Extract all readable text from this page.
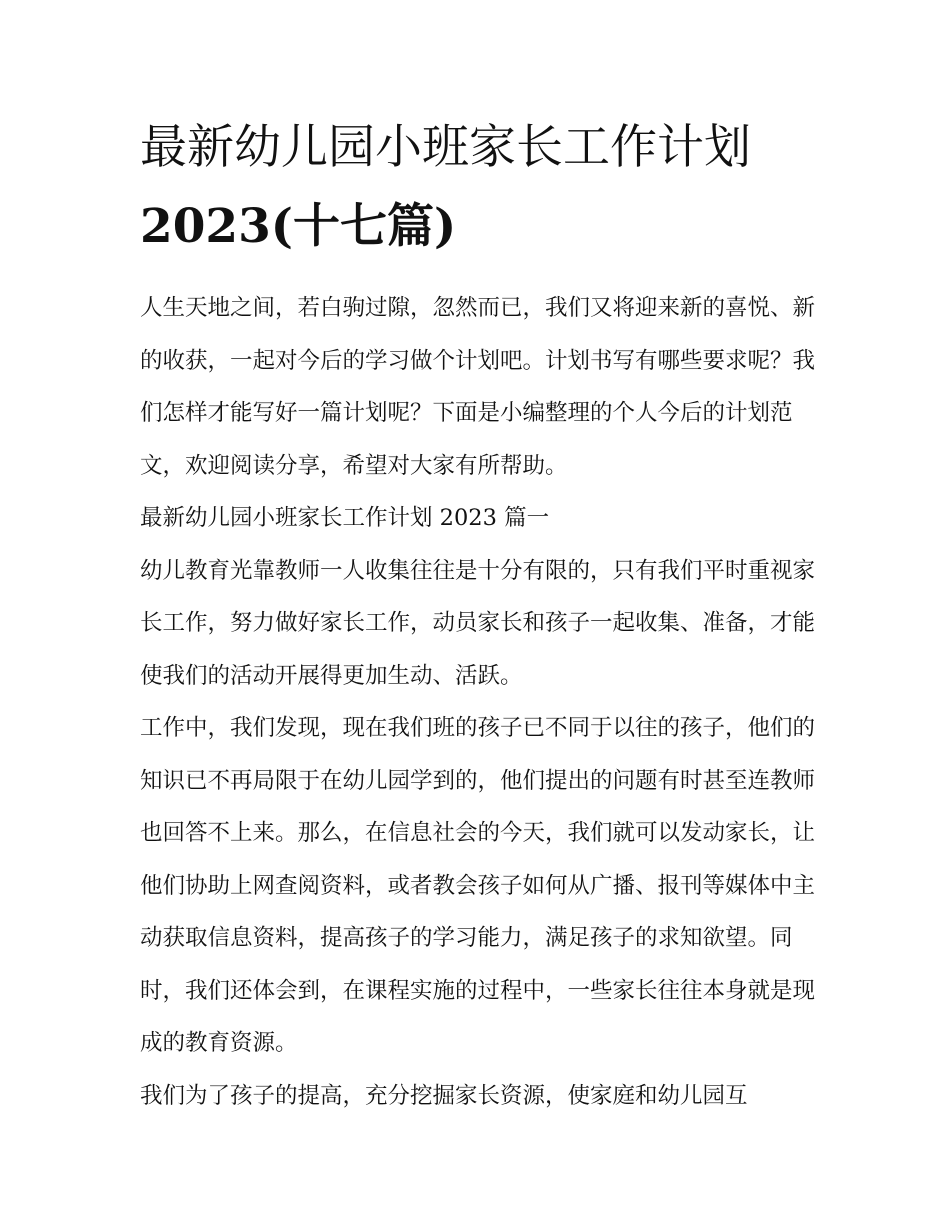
最新幼儿园小班家长工作计划
2023(十七篇)

人生天地之间，若白驹过隙，忽然而已，我们又将迎来新的喜悦、新的收获，一起对今后的学习做个计划吧。计划书写有哪些要求呢？我们怎样才能写好一篇计划呢？下面是小编整理的个人今后的计划范文，欢迎阅读分享，希望对大家有所帮助。

最新幼儿园小班家长工作计划 2023 篇一

幼儿教育光靠教师一人收集往往是十分有限的，只有我们平时重视家长工作，努力做好家长工作，动员家长和孩子一起收集、准备，才能使我们的活动开展得更加生动、活跃。

工作中，我们发现，现在我们班的孩子已不同于以往的孩子，他们的知识已不再局限于在幼儿园学到的，他们提出的问题有时甚至连教师也回答不上来。那么，在信息社会的今天，我们就可以发动家长，让他们协助上网查阅资料，或者教会孩子如何从广播、报刊等媒体中主动获取信息资料，提高孩子的学习能力，满足孩子的求知欲望。同时，我们还体会到，在课程实施的过程中，一些家长往往本身就是现成的教育资源。

我们为了孩子的提高，充分挖掘家长资源，使家庭和幼儿园互
